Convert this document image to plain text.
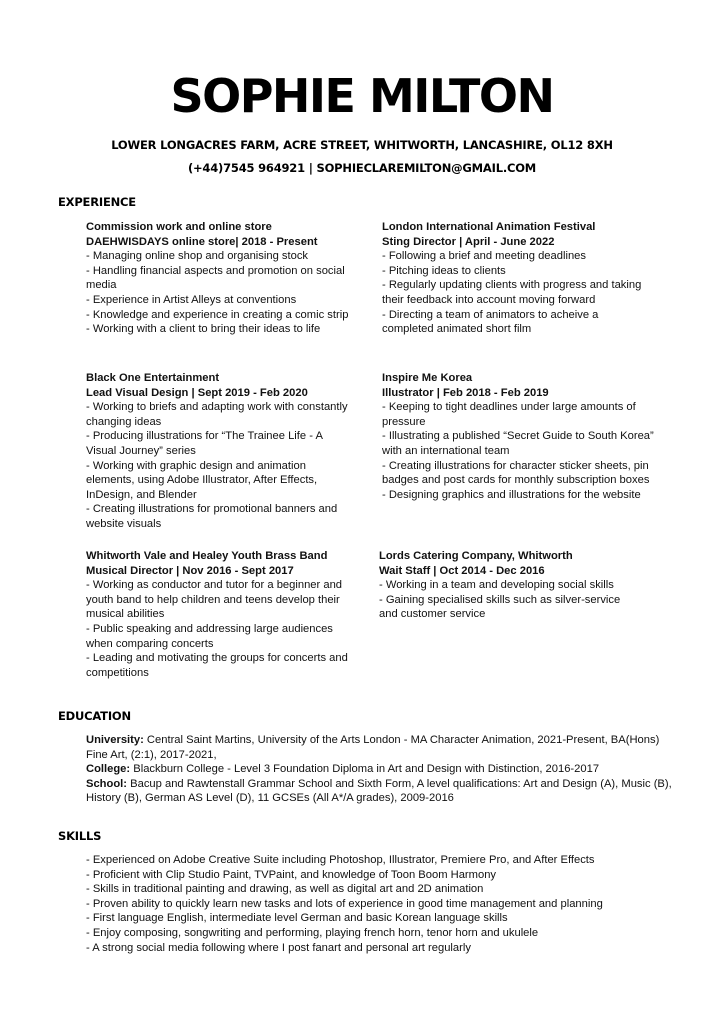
SOPHIE MILTON
LOWER LONGACRES FARM, ACRE STREET, WHITWORTH, LANCASHIRE, OL12 8XH
(+44)7545 964921 | SOPHIECLAREMILTON@GMAIL.COM
EXPERIENCE
Commission work and online store
DAEHWISDAYS online store| 2018 - Present
- Managing online shop and organising stock
- Handling financial aspects and promotion on social media
- Experience in Artist Alleys at conventions
- Knowledge and experience in creating a comic strip
- Working with a client to bring their ideas to life
London International Animation Festival
Sting Director | April - June 2022
- Following a brief and meeting deadlines
- Pitching ideas to clients
- Regularly updating clients with progress and taking their feedback into account moving forward
- Directing a team of animators to acheive a completed animated short film
Black One Entertainment
Lead Visual Design | Sept 2019 - Feb 2020
- Working to briefs and adapting work with constantly changing ideas
- Producing illustrations for “The Trainee Life - A Visual Journey” series
- Working with graphic design and animation elements, using Adobe Illustrator, After Effects, InDesign, and Blender
- Creating illustrations for promotional banners and website visuals
Inspire Me Korea
Illustrator | Feb 2018 - Feb 2019
- Keeping to tight deadlines under large amounts of pressure
- Illustrating a published “Secret Guide to South Korea” with an international team
- Creating illustrations for character sticker sheets, pin badges and post cards for monthly subscription boxes
- Designing graphics and illustrations for the website
Whitworth Vale and Healey Youth Brass Band
Musical Director | Nov 2016 - Sept 2017
- Working as conductor and tutor for a beginner and youth band to help children and teens develop their musical abilities
- Public speaking and addressing large audiences when comparing concerts
- Leading and motivating the groups for concerts and competitions
Lords Catering Company, Whitworth
Wait Staff | Oct 2014 - Dec 2016
- Working in a team and developing social skills
- Gaining specialised skills such as silver-service and customer service
EDUCATION

University: Central Saint Martins, University of the Arts London - MA Character Animation, 2021-Present, BA(Hons) Fine Art, (2:1), 2017-2021,

College: Blackburn College - Level 3 Foundation Diploma in Art and Design with Distinction, 2016-2017

School: Bacup and Rawtenstall Grammar School and Sixth Form, A level qualifications: Art and Design (A), Music (B), History (B), German AS Level (D), 11 GCSEs (All A*/A grades), 2009-2016

SKILLS
- Experienced on Adobe Creative Suite including Photoshop, Illustrator, Premiere Pro, and After Effects
- Proficient with Clip Studio Paint, TVPaint, and knowledge of Toon Boom Harmony
- Skills in traditional painting and drawing, as well as digital art and 2D animation
- Proven ability to quickly learn new tasks and lots of experience in good time management and planning
- First language English, intermediate level German and basic Korean language skills
- Enjoy composing, songwriting and performing, playing french horn, tenor horn and ukulele
- A strong social media following where I post fanart and personal art regularly
